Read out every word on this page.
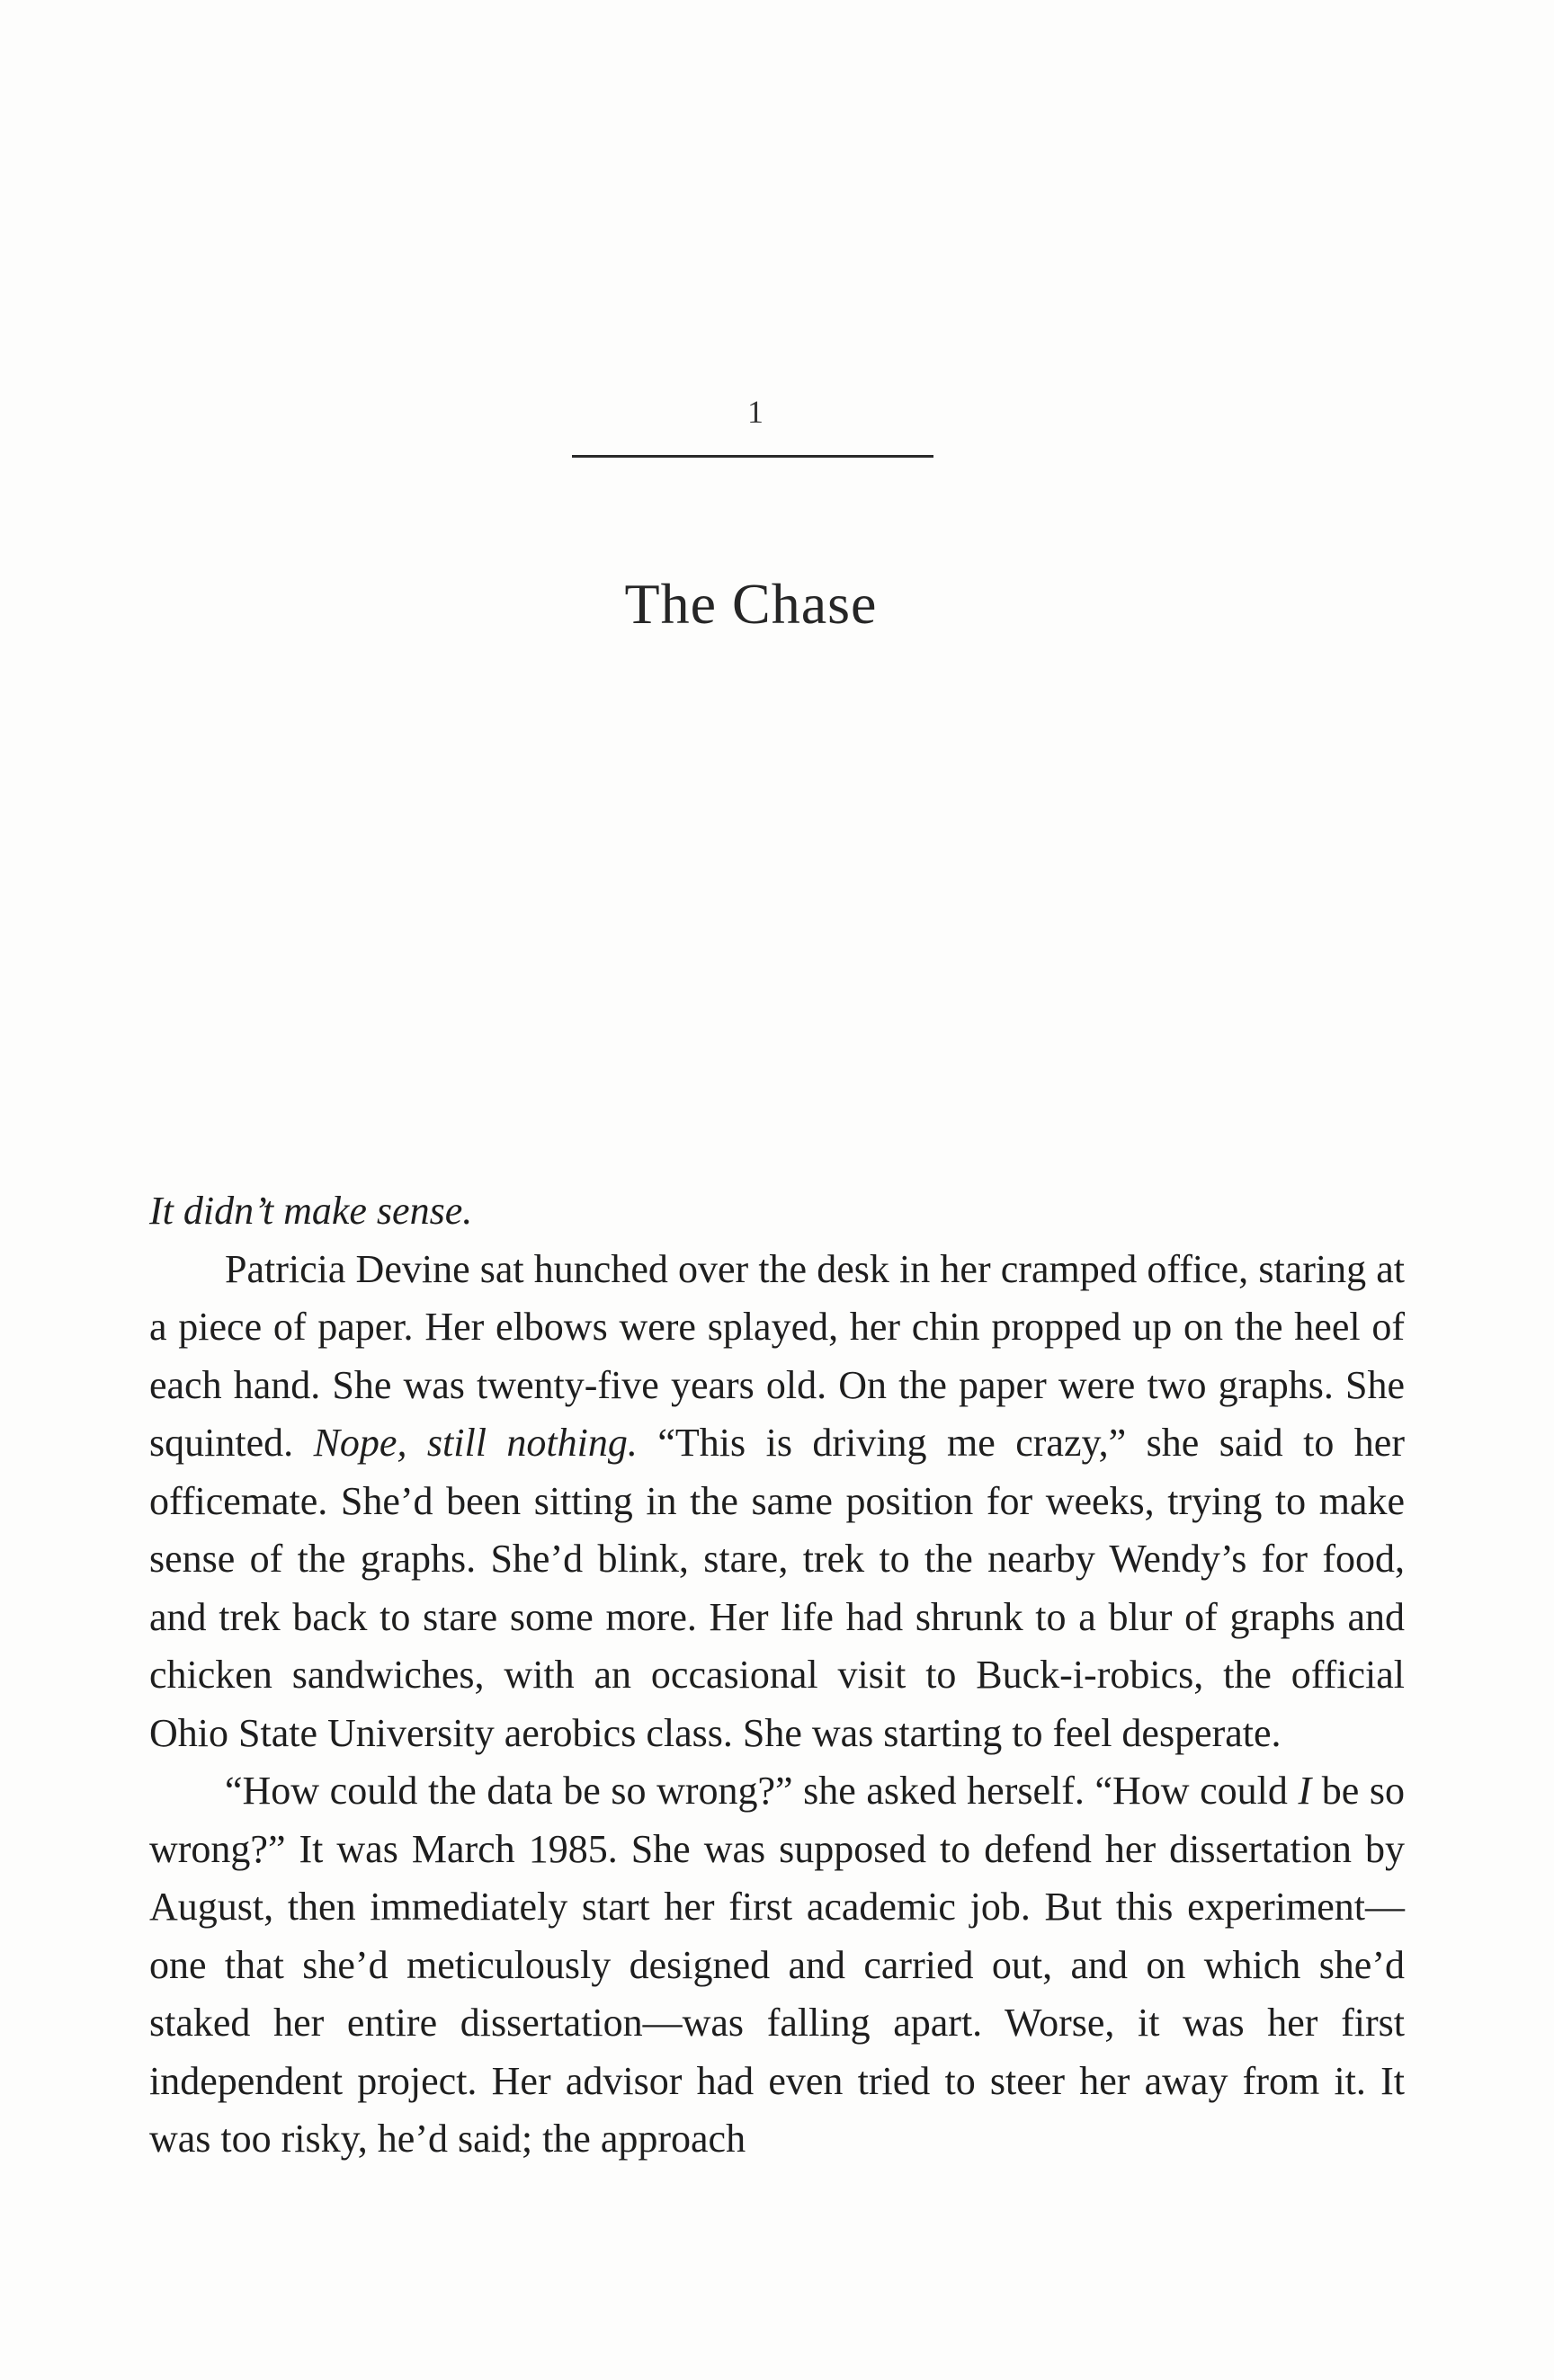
1
The Chase

It didn’t make sense.

Patricia Devine sat hunched over the desk in her cramped office, staring at a piece of paper. Her elbows were splayed, her chin propped up on the heel of each hand. She was twenty-five years old. On the paper were two graphs. She squinted. Nope, still nothing. “This is driving me crazy,” she said to her officemate. She’d been sitting in the same position for weeks, trying to make sense of the graphs. She’d blink, stare, trek to the nearby Wendy’s for food, and trek back to stare some more. Her life had shrunk to a blur of graphs and chicken sandwiches, with an occasional visit to Buck-i-robics, the official Ohio State University aerobics class. She was starting to feel desperate.

“How could the data be so wrong?” she asked herself. “How could I be so wrong?” It was March 1985. She was supposed to defend her dissertation by August, then immediately start her first academic job. But this experiment—one that she’d meticulously designed and carried out, and on which she’d staked her entire dissertation—was falling apart. Worse, it was her first independent project. Her advisor had even tried to steer her away from it. It was too risky, he’d said; the approach
